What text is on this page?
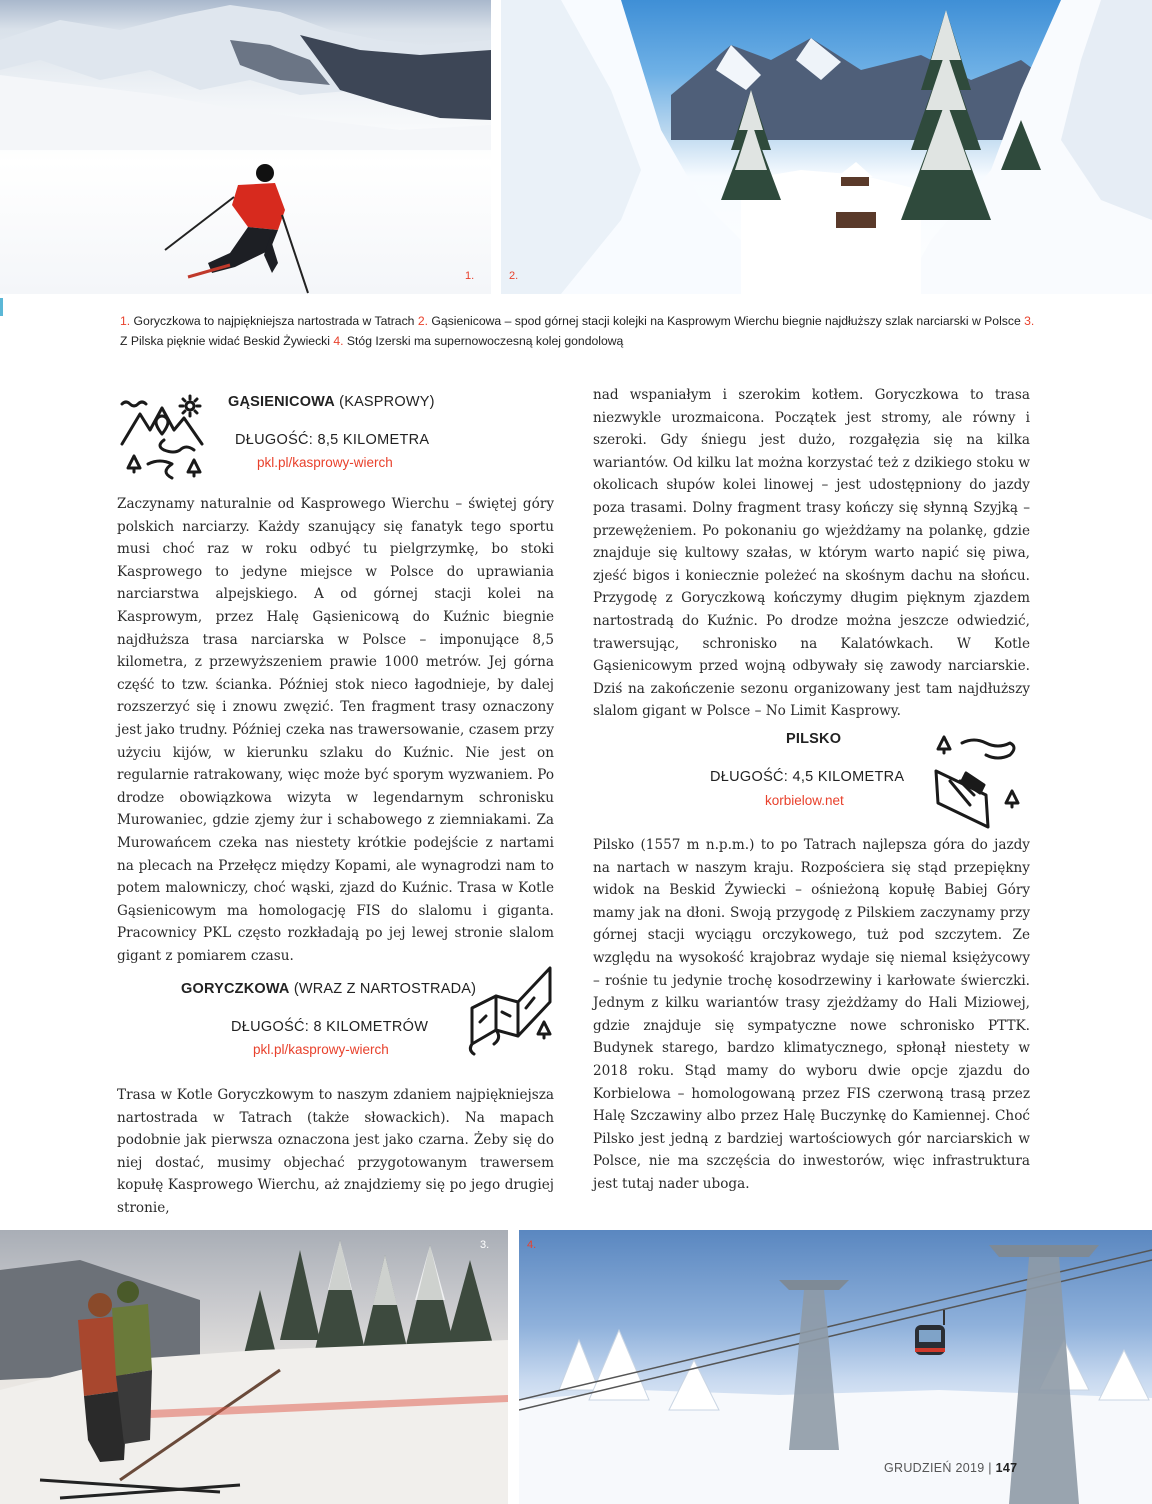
1.	2.
1. Goryczkowa to najpiękniejsza nartostrada w Tatrach 2. Gąsienicowa – spod górnej stacji kolejki na Kasprowym Wierchu biegnie najdłuższy szlak narciarski w Polsce 3. Z Pilska pięknie widać Beskid Żywiecki 4. Stóg Izerski ma supernowoczesną kolej gondolową
GĄSIENICOWA (KASPROWY)
DŁUGOŚĆ: 8,5 KILOMETRA
pkl.pl/kasprowy-wierch

Zaczynamy naturalnie od Kasprowego Wierchu – świętej góry polskich narciarzy. Każdy szanujący się fanatyk tego sportu musi choć raz w roku odbyć tu pielgrzymkę, bo stoki Kasprowego to jedyne miejsce w Polsce do uprawiania narciarstwa alpejskiego. A od górnej stacji kolei na Kasprowym, przez Halę Gąsienicową do Kuźnic biegnie najdłuższa trasa narciarska w Polsce – imponujące 8,5 kilometra, z przewyższeniem prawie 1000 metrów. Jej górna część to tzw. ścianka. Później stok nieco łagodnieje, by dalej rozszerzyć się i znowu zwęzić. Ten fragment trasy oznaczony jest jako trudny. Później czeka nas trawersowanie, czasem przy użyciu kijów, w kierunku szlaku do Kuźnic. Nie jest on regularnie ratrakowany, więc może być sporym wyzwaniem. Po drodze obowiązkowa wizyta w legendarnym schronisku Murowaniec, gdzie zjemy żur i schabowego z ziemniakami. Za Murowańcem czeka nas niestety krótkie podejście z nartami na plecach na Przełęcz między Kopami, ale wynagrodzi nam to potem malowniczy, choć wąski, zjazd do Kuźnic. Trasa w Kotle Gąsienicowym ma homologację FIS do slalomu i giganta. Pracownicy PKL często rozkładają po jej lewej stronie slalom gigant z pomiarem czasu.

GORYCZKOWA (WRAZ Z NARTOSTRADA)
DŁUGOŚĆ: 8 KILOMETRÓW
pkl.pl/kasprowy-wierch

Trasa w Kotle Goryczkowym to naszym zdaniem najpiękniejsza nartostrada w Tatrach (także słowackich). Na mapach podobnie jak pierwsza oznaczona jest jako czarna. Żeby się do niej dostać, musimy objechać przygotowanym trawersem kopułę Kasprowego Wierchu, aż znajdziemy się po jego drugiej stronie,

nad wspaniałym i szerokim kotłem. Goryczkowa to trasa niezwykle urozmaicona. Początek jest stromy, ale równy i szeroki. Gdy śniegu jest dużo, rozgałęzia się na kilka wariantów. Od kilku lat można korzystać też z dzikiego stoku w okolicach słupów kolei linowej – jest udostępniony do jazdy poza trasami. Dolny fragment trasy kończy się słynną Szyjką – przewężeniem. Po pokonaniu go wjeżdżamy na polankę, gdzie znajduje się kultowy szałas, w którym warto napić się piwa, zjeść bigos i koniecznie poleżeć na skośnym dachu na słońcu. Przygodę z Goryczkową kończymy długim pięknym zjazdem nartostradą do Kuźnic. Po drodze można jeszcze odwiedzić, trawersując, schronisko na Kalatówkach. W Kotle Gąsienicowym przed wojną odbywały się zawody narciarskie. Dziś na zakończenie sezonu organizowany jest tam najdłuższy slalom gigant w Polsce – No Limit Kasprowy.

PILSKO
DŁUGOŚĆ: 4,5 KILOMETRA
korbielow.net

Pilsko (1557 m n.p.m.) to po Tatrach najlepsza góra do jazdy na nartach w naszym kraju. Rozpościera się stąd przepiękny widok na Beskid Żywiecki – ośnieżoną kopułę Babiej Góry mamy jak na dłoni. Swoją przygodę z Pilskiem zaczynamy przy górnej stacji wyciągu orczykowego, tuż pod szczytem. Ze względu na wysokość krajobraz wydaje się niemal księżycowy – rośnie tu jedynie trochę kosodrzewiny i karłowate świerczki. Jednym z kilku wariantów trasy zjeżdżamy do Hali Miziowej, gdzie znajduje się sympatyczne nowe schronisko PTTK. Budynek starego, bardzo klimatycznego, spłonął niestety w 2018 roku. Stąd mamy do wyboru dwie opcje zjazdu do Korbielowa – homologowaną przez FIS czerwoną trasą przez Halę Szczawiny albo przez Halę Buczynkę do Kamiennej. Choć Pilsko jest jedną z bardziej wartościowych gór narciarskich w Polsce, nie ma szczęścia do inwestorów, więc infrastruktura jest tutaj nader uboga.

3.	4.
GRUDZIEŃ 2019 | 147
